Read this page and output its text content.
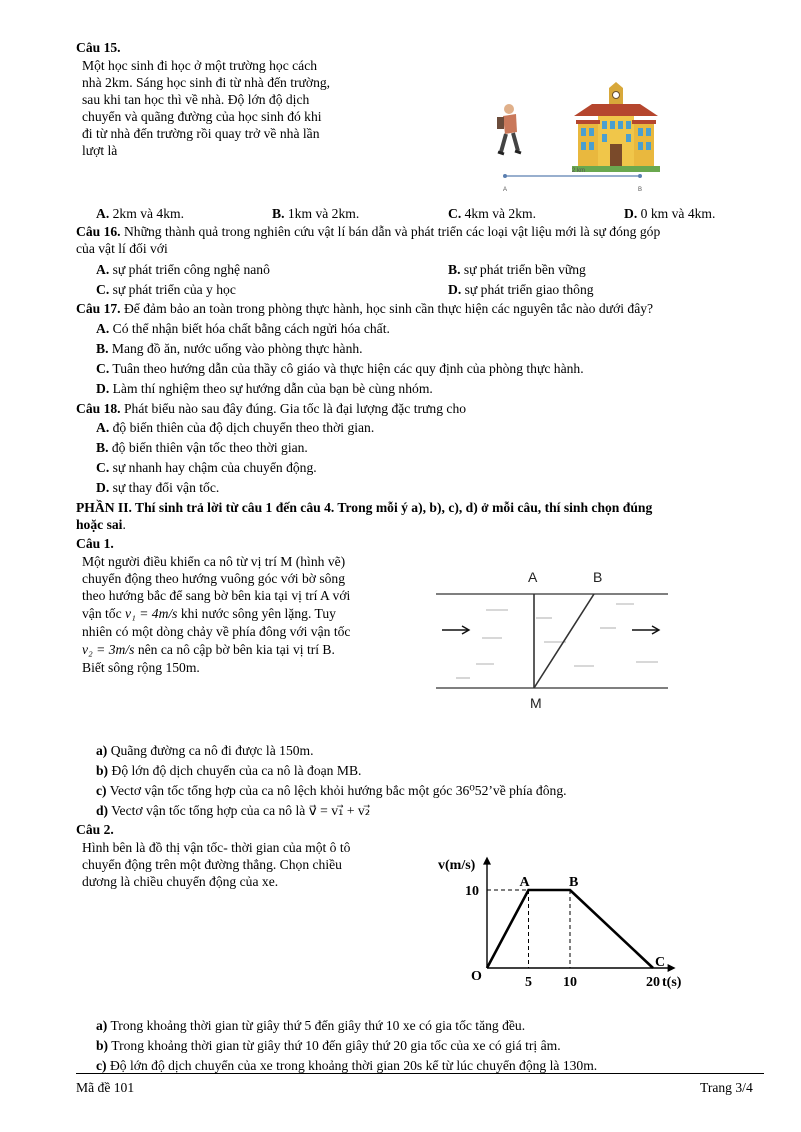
Câu 15.
Một học sinh đi học ở một trường học cách
nhà 2km. Sáng học sinh đi từ nhà đến trường,
sau khi tan học thì về nhà. Độ lớn độ dịch
chuyển và quãng đường của học sinh đó khi
đi từ nhà đến trường rồi quay trở về nhà lần
lượt là
2 km
A	B
A. 2km và 4km.	B. 1km và 2km.	C. 4km và 2km.	D. 0 km và 4km.
Câu 16. Những thành quả trong nghiên cứu vật lí bán dẫn và phát triển các loại vật liệu mới là sự đóng góp
của vật lí đối với
A. sự phát triển công nghệ nanô	B. sự phát triển bền vững
C. sự phát triển của y học	D. sự phát triển giao thông
Câu 17. Để đảm bảo an toàn trong phòng thực hành, học sinh cần thực hiện các nguyên tắc nào dưới đây?
A. Có thể nhận biết hóa chất bằng cách ngửi hóa chất.
B. Mang đồ ăn, nước uống vào phòng thực hành.
C. Tuân theo hướng dẫn của thầy cô giáo và thực hiện các quy định của phòng thực hành.
D. Làm thí nghiệm theo sự hướng dẫn của bạn bè cùng nhóm.
Câu 18. Phát biểu nào sau đây đúng. Gia tốc là đại lượng đặc trưng cho
A. độ biến thiên của độ dịch chuyển theo thời gian.
B. độ biến thiên vận tốc theo thời gian.
C. sự nhanh hay chậm của chuyển động.
D. sự thay đổi vận tốc.
PHẦN II. Thí sinh trả lời từ câu 1 đến câu 4. Trong mỗi ý a), b), c), d) ở mỗi câu, thí sinh chọn đúng
hoặc sai.
Câu 1.
Một người điều khiển ca nô từ vị trí M (hình vẽ)
chuyển động theo hướng vuông góc với bờ sông
theo hướng bắc để sang bờ bên kia tại vị trí A với
vận tốc v₁ = 4m/s khi nước sông yên lặng. Tuy
nhiên có một dòng chảy về phía đông với vận tốc
v₂ = 3m/s nên ca nô cập bờ bên kia tại vị trí B.
Biết sông rộng 150m.
A	B
M
a) Quãng đường ca nô đi được là 150m.
b) Độ lớn độ dịch chuyển của ca nô là đoạn MB.
c) Vectơ vận tốc tổng hợp của ca nô lệch khỏi hướng bắc một góc 36⁰52’về phía đông.
d) Vectơ vận tốc tổng hợp của ca nô là v⃗ = v₁⃗ + v₂⃗
Câu 2.
Hình bên là đồ thị vận tốc- thời gian của một ô tô
chuyển động trên một đường thẳng. Chọn chiều
dương là chiều chuyển động của xe.
v(m/s)
t(s)
O
A	B
C
5 10	20
10
a) Trong khoảng thời gian từ giây thứ 5 đến giây thứ 10 xe có gia tốc tăng đều.
b) Trong khoảng thời gian từ giây thứ 10 đến giây thứ 20 gia tốc của xe có giá trị âm.
c) Độ lớn độ dịch chuyển của xe trong khoảng thời gian 20s kể từ lúc chuyển động là 130m.
Mã đề 101	Trang 3/4
